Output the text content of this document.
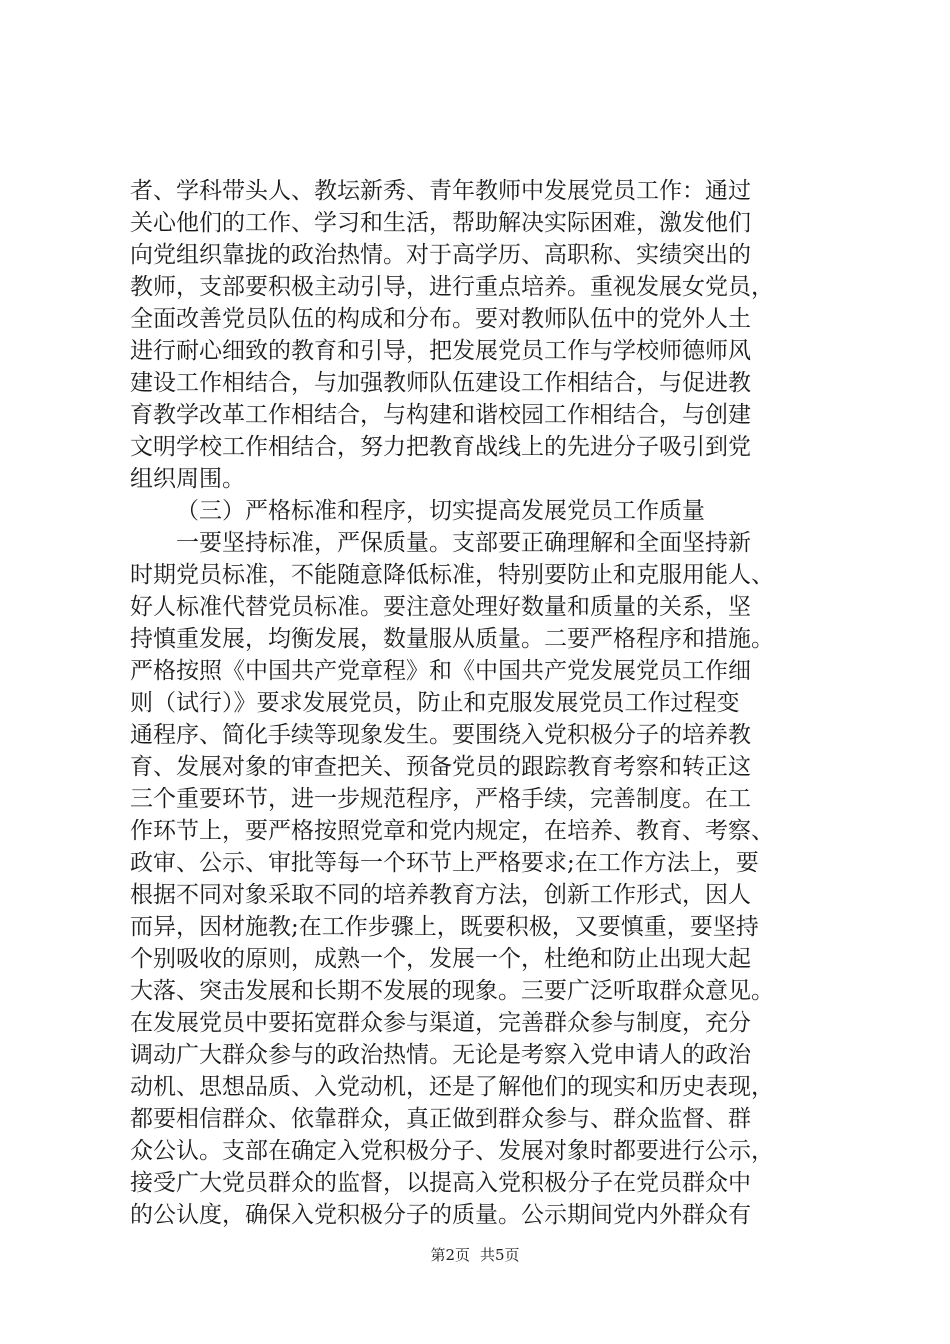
者、学科带头人、教坛新秀、青年教师中发展党员工作：通过
关心他们的工作、学习和生活，帮助解决实际困难，激发他们
向党组织靠拢的政治热情。对于高学历、高职称、实绩突出的
教师，支部要积极主动引导，进行重点培养。重视发展女党员，
全面改善党员队伍的构成和分布。要对教师队伍中的党外人土
进行耐心细致的教育和引导，把发展党员工作与学校师德师风
建设工作相结合，与加强教师队伍建设工作相结合，与促进教
育教学改革工作相结合，与构建和谐校园工作相结合，与创建
文明学校工作相结合，努力把教育战线上的先进分子吸引到党
组织周围。
（三）严格标准和程序，切实提高发展党员工作质量
一要坚持标准，严保质量。支部要正确理解和全面坚持新
时期党员标准，不能随意降低标准，特别要防止和克服用能人、
好人标准代替党员标准。要注意处理好数量和质量的关系，坚
持慎重发展，均衡发展，数量服从质量。二要严格程序和措施。
严格按照《中国共产党章程》和《中国共产党发展党员工作细
则（试行）》要求发展党员，防止和克服发展党员工作过程变
通程序、简化手续等现象发生。要围绕入党积极分子的培养教
育、发展对象的审查把关、预备党员的跟踪教育考察和转正这
三个重要环节，进一步规范程序，严格手续，完善制度。在工
作环节上，要严格按照党章和党内规定，在培养、教育、考察、
政审、公示、审批等每一个环节上严格要求;在工作方法上，要
根据不同对象采取不同的培养教育方法，创新工作形式，因人
而异，因材施教;在工作步骤上，既要积极，又要慎重，要坚持
个别吸收的原则，成熟一个，发展一个，杜绝和防止出现大起
大落、突击发展和长期不发展的现象。三要广泛听取群众意见。
在发展党员中要拓宽群众参与渠道，完善群众参与制度，充分
调动广大群众参与的政治热情。无论是考察入党申请人的政治
动机、思想品质、入党动机，还是了解他们的现实和历史表现，
都要相信群众、依靠群众，真正做到群众参与、群众监督、群
众公认。支部在确定入党积极分子、发展对象时都要进行公示，
接受广大党员群众的监督，以提高入党积极分子在党员群众中
的公认度，确保入党积极分子的质量。公示期间党内外群众有
第2页 共5页
